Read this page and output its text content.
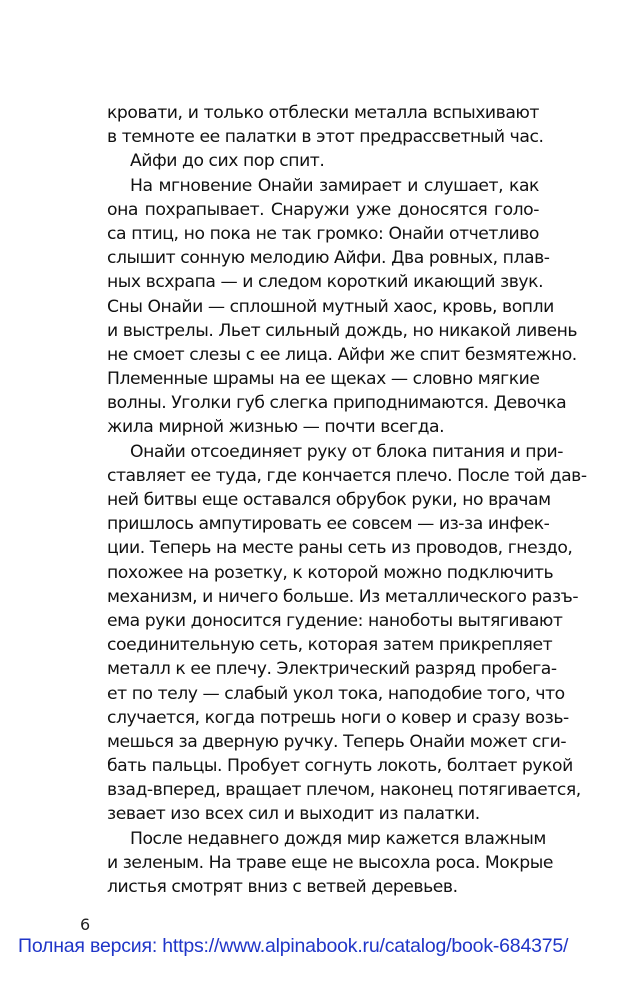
кровати, и только отблески металла вспыхивают
в темноте ее палатки в этот предрассветный час.
Айфи до сих пор спит.
На мгновение Онайи замирает и слушает, как
она похрапывает. Снаружи уже доносятся голо-
са птиц, но пока не так громко: Онайи отчетливо
слышит сонную мелодию Айфи. Два ровных, плав-
ных всхрапа — и следом короткий икающий звук.
Сны Онайи — сплошной мутный хаос, кровь, вопли
и выстрелы. Льет сильный дождь, но никакой ливень
не смоет слезы с ее лица. Айфи же спит безмятежно.
Племенные шрамы на ее щеках — словно мягкие
волны. Уголки губ слегка приподнимаются. Девочка
жила мирной жизнью — почти всегда.
Онайи отсоединяет руку от блока питания и при-
ставляет ее туда, где кончается плечо. После той дав-
ней битвы еще оставался обрубок руки, но врачам
пришлось ампутировать ее совсем — из-за инфек-
ции. Теперь на месте раны сеть из проводов, гнездо,
похожее на розетку, к которой можно подключить
механизм, и ничего больше. Из металлического разъ-
ема руки доносится гудение: наноботы вытягивают
соединительную сеть, которая затем прикрепляет
металл к ее плечу. Электрический разряд пробега-
ет по телу — слабый укол тока, наподобие того, что
случается, когда потрешь ноги о ковер и сразу возь-
мешься за дверную ручку. Теперь Онайи может сги-
бать пальцы. Пробует согнуть локоть, болтает рукой
взад-вперед, вращает плечом, наконец потягивается,
зевает изо всех сил и выходит из палатки.
После недавнего дождя мир кажется влажным
и зеленым. На траве еще не высохла роса. Мокрые
листья смотрят вниз с ветвей деревьев.
6
Полная версия: https://www.alpinabook.ru/catalog/book-684375/
